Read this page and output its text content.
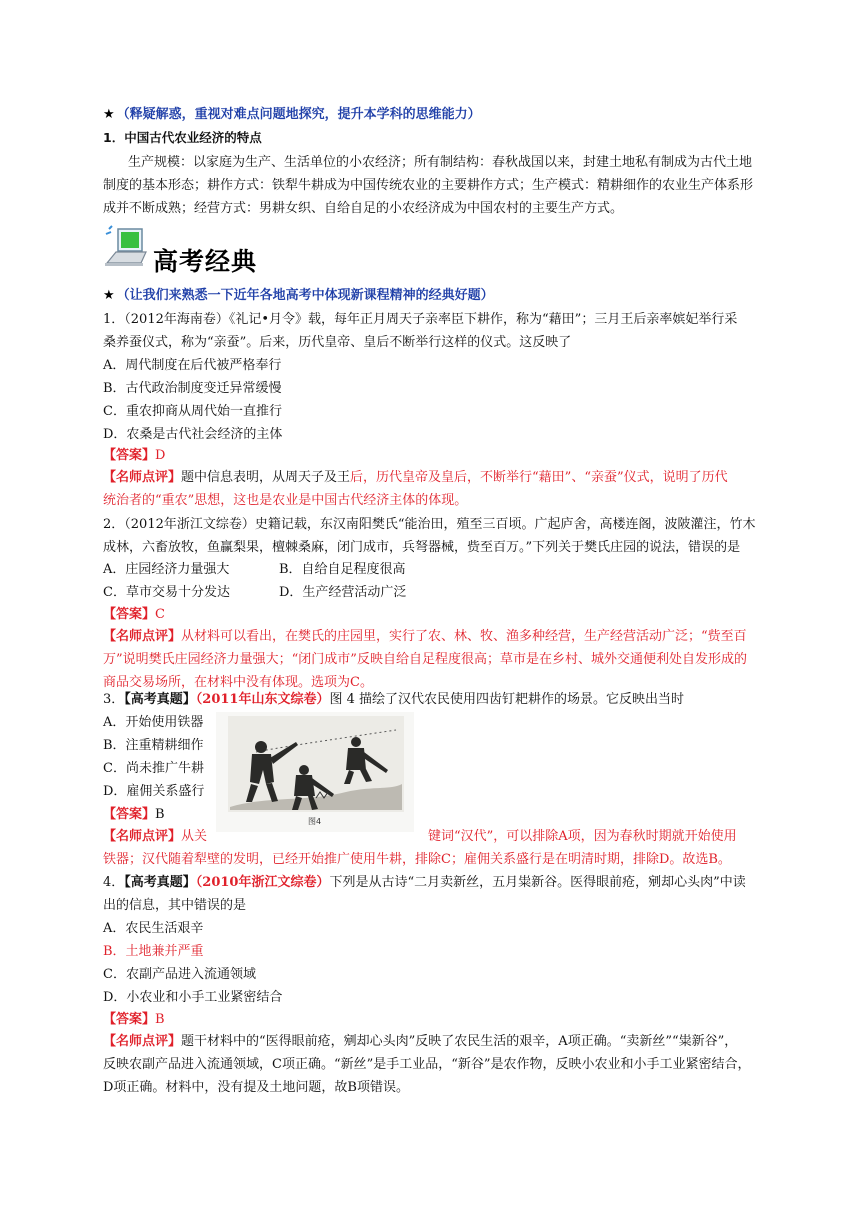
★ （释疑解惑，重视对难点问题地探究，提升本学科的思维能力）
1．中国古代农业经济的特点
生产规模：以家庭为生产、生活单位的小农经济；所有制结构：春秋战国以来，封建土地私有制成为古代土地
制度的基本形态；耕作方式：铁犁牛耕成为中国传统农业的主要耕作方式；生产模式：精耕细作的农业生产体系形
成并不断成熟；经营方式：男耕女织、自给自足的小农经济成为中国农村的主要生产方式。
高考经典
★ （让我们来熟悉一下近年各地高考中体现新课程精神的经典好题）
1．（2012年海南卷）《礼记•月令》载，每年正月周天子亲率臣下耕作，称为“藉田”；三月王后亲率嫔妃举行采
桑养蚕仪式，称为“亲蚕”。后来，历代皇帝、皇后不断举行这样的仪式。这反映了
A．周代制度在后代被严格奉行
B．古代政治制度变迁异常缓慢
C．重农抑商从周代始一直推行
D．农桑是古代社会经济的主体
【答案】D
【名师点评】题中信息表明，从周天子及王后，历代皇帝及皇后，不断举行“藉田”、“亲蚕”仪式，说明了历代
统治者的“重农”思想，这也是农业是中国古代经济主体的体现。
2．（2012年浙江文综卷）史籍记载，东汉南阳樊氏“能治田，殖至三百顷。广起庐舍，高楼连阁，波陂灌注，竹木
成林，六畜放牧，鱼赢梨果，檀棘桑麻，闭门成市，兵弩器械，赀至百万。”下列关于樊氏庄园的说法，错误的是
A．庄园经济力量强大	B．自给自足程度很高
C．草市交易十分发达	D．生产经营活动广泛
【答案】C
【名师点评】从材料可以看出，在樊氏的庄园里，实行了农、林、牧、渔多种经营，生产经营活动广泛；“赀至百
万”说明樊氏庄园经济力量强大；“闭门成市”反映自给自足程度很高；草市是在乡村、城外交通便利处自发形成的
商品交易场所，在材料中没有体现。选项为C。
3．【高考真题】（2011年山东文综卷）图 4 描绘了汉代农民使用四齿钉耙耕作的场景。它反映出当时
A．开始使用铁器
B．注重精耕细作
C．尚未推广牛耕
D．雇佣关系盛行
【答案】B	图4
【名师点评】从关	键词“汉代”，可以排除A项，因为春秋时期就开始使用
铁器；汉代随着犁壁的发明，已经开始推广使用牛耕，排除C；雇佣关系盛行是在明清时期，排除D。故选B。
4．【高考真题】（2010年浙江文综卷）下列是从古诗“二月卖新丝，五月粜新谷。医得眼前疮，剜却心头肉”中读
出的信息，其中错误的是
A．农民生活艰辛
B．土地兼并严重
C．农副产品进入流通领域
D．小农业和小手工业紧密结合
【答案】B
【名师点评】题干材料中的“医得眼前疮，剜却心头肉”反映了农民生活的艰辛，A项正确。“卖新丝”“粜新谷”，
反映农副产品进入流通领域，C项正确。“新丝”是手工业品，“新谷”是农作物，反映小农业和小手工业紧密结合，
D项正确。材料中，没有提及土地问题，故B项错误。
